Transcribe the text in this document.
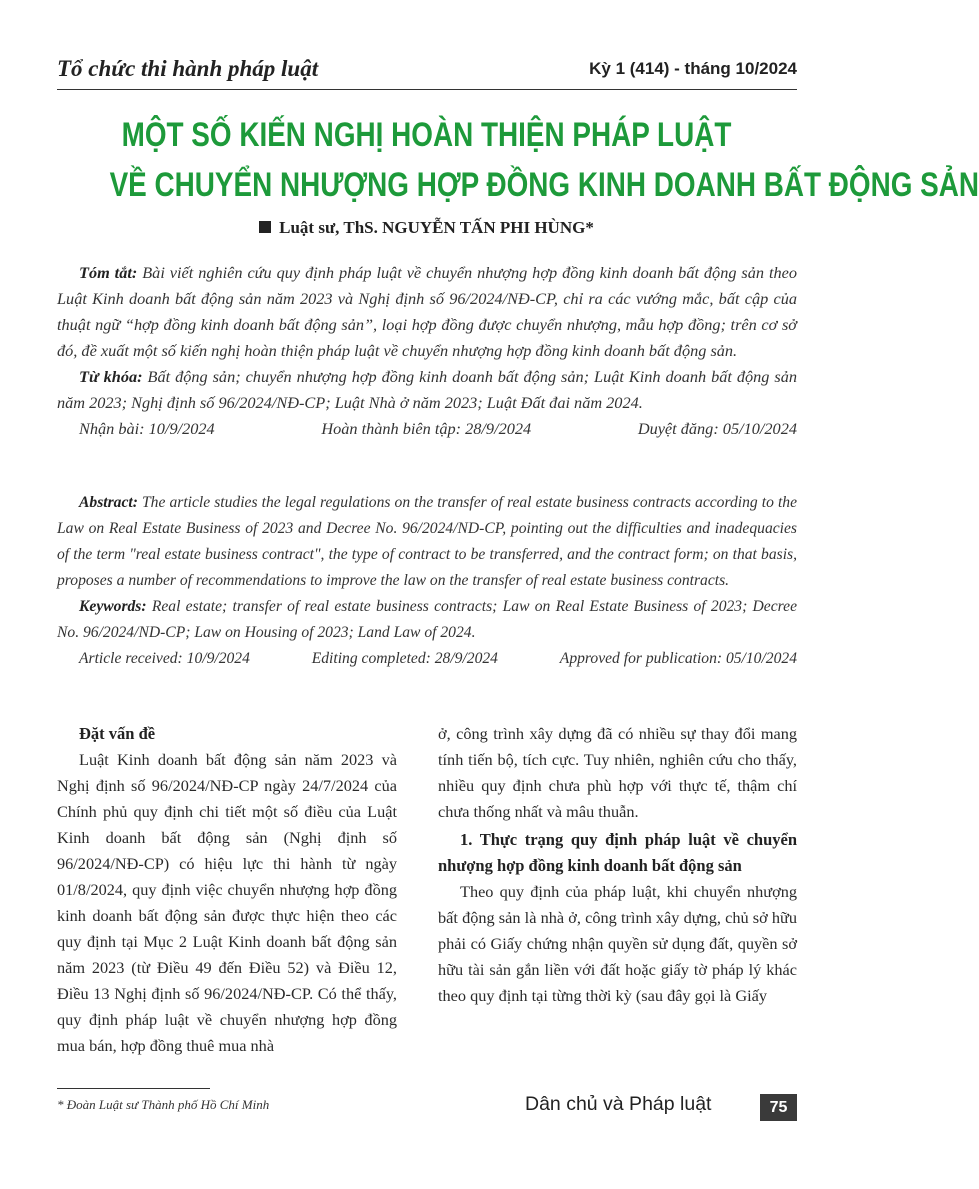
Tổ chức thi hành pháp luật	Kỳ 1 (414) - tháng 10/2024
MỘT SỐ KIẾN NGHỊ HOÀN THIỆN PHÁP LUẬT
VỀ CHUYỂN NHƯỢNG HỢP ĐỒNG KINH DOANH BẤT ĐỘNG SẢN
Luật sư, ThS. NGUYỄN TẤN PHI HÙNG*

Tóm tắt: Bài viết nghiên cứu quy định pháp luật về chuyển nhượng hợp đồng kinh doanh bất động sản theo Luật Kinh doanh bất động sản năm 2023 và Nghị định số 96/2024/NĐ-CP, chỉ ra các vướng mắc, bất cập của thuật ngữ “hợp đồng kinh doanh bất động sản”, loại hợp đồng được chuyển nhượng, mẫu hợp đồng; trên cơ sở đó, đề xuất một số kiến nghị hoàn thiện pháp luật về chuyển nhượng hợp đồng kinh doanh bất động sản.

Từ khóa: Bất động sản; chuyển nhượng hợp đồng kinh doanh bất động sản; Luật Kinh doanh bất động sản năm 2023; Nghị định số 96/2024/NĐ-CP; Luật Nhà ở năm 2023; Luật Đất đai năm 2024.

Nhận bài: 10/9/2024	Hoàn thành biên tập: 28/9/2024	Duyệt đăng: 05/10/2024

Abstract: The article studies the legal regulations on the transfer of real estate business contracts according to the Law on Real Estate Business of 2023 and Decree No. 96/2024/ND-CP, pointing out the difficulties and inadequacies of the term "real estate business contract", the type of contract to be transferred, and the contract form; on that basis, proposes a number of recommendations to improve the law on the transfer of real estate business contracts.

Keywords: Real estate; transfer of real estate business contracts; Law on Real Estate Business of 2023; Decree No. 96/2024/ND-CP; Law on Housing of 2023; Land Law of 2024.

Article received: 10/9/2024	Editing completed: 28/9/2024	Approved for publication: 05/10/2024
Đặt vấn đề

Luật Kinh doanh bất động sản năm 2023 và Nghị định số 96/2024/NĐ-CP ngày 24/7/2024 của Chính phủ quy định chi tiết một số điều của Luật Kinh doanh bất động sản (Nghị định số 96/2024/NĐ-CP) có hiệu lực thi hành từ ngày 01/8/2024, quy định việc chuyển nhượng hợp đồng kinh doanh bất động sản được thực hiện theo các quy định tại Mục 2 Luật Kinh doanh bất động sản năm 2023 (từ Điều 49 đến Điều 52) và Điều 12, Điều 13 Nghị định số 96/2024/NĐ-CP. Có thể thấy, quy định pháp luật về chuyển nhượng hợp đồng mua bán, hợp đồng thuê mua nhà

ở, công trình xây dựng đã có nhiều sự thay đổi mang tính tiến bộ, tích cực. Tuy nhiên, nghiên cứu cho thấy, nhiều quy định chưa phù hợp với thực tế, thậm chí chưa thống nhất và mâu thuẫn.

1. Thực trạng quy định pháp luật về chuyển nhượng hợp đồng kinh doanh bất động sản

Theo quy định của pháp luật, khi chuyển nhượng bất động sản là nhà ở, công trình xây dựng, chủ sở hữu phải có Giấy chứng nhận quyền sử dụng đất, quyền sở hữu tài sản gắn liền với đất hoặc giấy tờ pháp lý khác theo quy định tại từng thời kỳ (sau đây gọi là Giấy

* Đoàn Luật sư Thành phố Hồ Chí Minh	Dân chủ và Pháp luật	75
